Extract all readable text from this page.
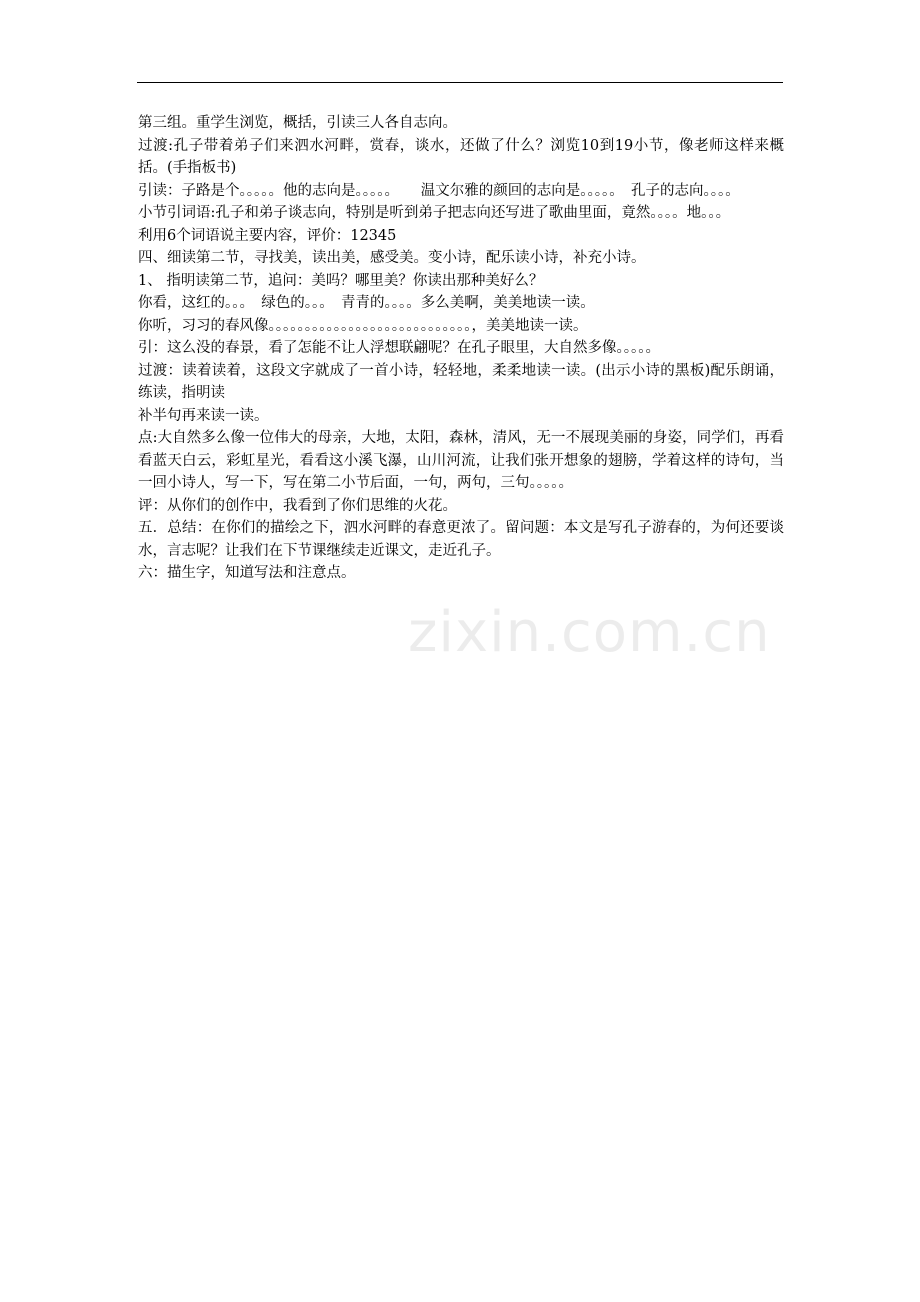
第三组。重学生浏览，概括，引读三人各自志向。

过渡:孔子带着弟子们来泗水河畔，赏春，谈水，还做了什么？浏览10到19小节，像老师这样来概括。(手指板书)

引读：子路是个。。。。。他的志向是。。。。。　　温文尔雅的颜回的志向是。。。。。　孔子的志向。。。。

小节引词语:孔子和弟子谈志向，特别是听到弟子把志向还写进了歌曲里面，竟然。。。。地。。。

利用6个词语说主要内容，评价：12345

四、细读第二节，寻找美，读出美，感受美。变小诗，配乐读小诗，补充小诗。

1、 指明读第二节，追问：美吗？哪里美？你读出那种美好么？

你看，这红的。。。　绿色的。。。　青青的。。。。多么美啊，美美地读一读。

你听，习习的春风像。。。。。。。。。。。。。。。。。。。。。。。。。。。。，美美地读一读。

引：这么没的春景，看了怎能不让人浮想联翩呢？在孔子眼里，大自然多像。。。。。

过渡：读着读着，这段文字就成了一首小诗，轻轻地，柔柔地读一读。(出示小诗的黑板)配乐朗诵，练读，指明读

补半句再来读一读。

点:大自然多么像一位伟大的母亲，大地，太阳，森林，清风，无一不展现美丽的身姿，同学们，再看看蓝天白云，彩虹星光，看看这小溪飞瀑，山川河流，让我们张开想象的翅膀，学着这样的诗句，当一回小诗人，写一下，写在第二小节后面，一句，两句，三句。。。。。

评：从你们的创作中，我看到了你们思维的火花。

五．总结：在你们的描绘之下，泗水河畔的春意更浓了。留问题：本文是写孔子游春的，为何还要谈水，言志呢？让我们在下节课继续走近课文，走近孔子。

六：描生字，知道写法和注意点。

zixin.com.cn
